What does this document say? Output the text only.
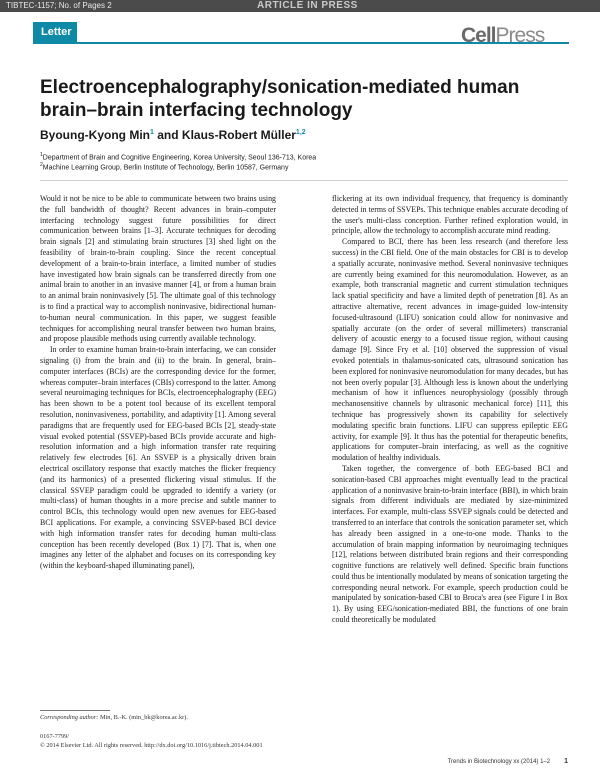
TIBTEC-1157; No. of Pages 2	ARTICLE IN PRESS
Letter	CellPress
Electroencephalography/sonication-mediated human brain–brain interfacing technology
Byoung-Kyong Min$^1$ and Klaus-Robert Müller$^{1,2}$
$^1$Department of Brain and Cognitive Engineering, Korea University, Seoul 136-713, Korea
$^2$Machine Learning Group, Berlin Institute of Technology, Berlin 10587, Germany

Would it not be nice to be able to communicate between two brains using the full bandwidth of thought? Recent advances in brain–computer interfacing technology suggest future possibilities for direct communication between brains [1–3]. Accurate techniques for decoding brain signals [2] and stimulating brain structures [3] shed light on the feasibility of brain-to-brain coupling. Since the recent conceptual development of a brain-to-brain interface, a limited number of studies have investigated how brain signals can be transferred directly from one animal brain to another in an invasive manner [4], or from a human brain to an animal brain noninvasively [5]. The ultimate goal of this technology is to find a practical way to accomplish noninvasive, bidirectional human-to-human neural communication. In this paper, we suggest feasible techniques for accomplishing neural transfer between two human brains, and propose plausible methods using currently available technology.

In order to examine human brain-to-brain interfacing, we can consider signaling (i) from the brain and (ii) to the brain. In general, brain–computer interfaces (BCIs) are the corresponding device for the former, whereas computer–brain interfaces (CBIs) correspond to the latter. Among several neuroimaging techniques for BCIs, electroencephalography (EEG) has been shown to be a potent tool because of its excellent temporal resolution, noninvasiveness, portability, and adaptivity [1]. Among several paradigms that are frequently used for EEG-based BCIs [2], steady-state visual evoked potential (SSVEP)-based BCIs provide accurate and high-resolution information and a high information transfer rate requiring relatively few electrodes [6]. An SSVEP is a physically driven brain electrical oscillatory response that exactly matches the flicker frequency (and its harmonics) of a presented flickering visual stimulus. If the classical SSVEP paradigm could be upgraded to identify a variety (or multi-class) of human thoughts in a more precise and subtle manner to control BCIs, this technology would open new avenues for EEG-based BCI applications. For example, a convincing SSVEP-based BCI device with high information transfer rates for decoding human multi-class conception has been recently developed (Box 1) [7]. That is, when one imagines any letter of the alphabet and focuses on its corresponding key (within the keyboard-shaped illuminating panel),

flickering at its own individual frequency, that frequency is dominantly detected in terms of SSVEPs. This technique enables accurate decoding of the user's multi-class conception. Further refined exploration would, in principle, allow the technology to accomplish accurate mind reading.

Compared to BCI, there has been less research (and therefore less success) in the CBI field. One of the main obstacles for CBI is to develop a spatially accurate, noninvasive method. Several noninvasive techniques are currently being examined for this neuromodulation. However, as an example, both transcranial magnetic and current stimulation techniques lack spatial specificity and have a limited depth of penetration [8]. As an attractive alternative, recent advances in image-guided low-intensity focused-ultrasound (LIFU) sonication could allow for noninvasive and spatially accurate (on the order of several millimeters) transcranial delivery of acoustic energy to a focused tissue region, without causing damage [9]. Since Fry et al. [10] observed the suppression of visual evoked potentials in thalamus-sonicated cats, ultrasound sonication has been explored for noninvasive neuromodulation for many decades, but has not been overly popular [3]. Although less is known about the underlying mechanism of how it influences neurophysiology (possibly through mechanosensitive channels by ultrasonic mechanical force) [11], this technique has progressively shown its capability for selectively modulating specific brain functions. LIFU can suppress epileptic EEG activity, for example [9]. It thus has the potential for therapeutic benefits, applications for computer–brain interfacing, as well as the cognitive modulation of healthy individuals.

Taken together, the convergence of both EEG-based BCI and sonication-based CBI approaches might eventually lead to the practical application of a noninvasive brain-to-brain interface (BBI), in which brain signals from different individuals are mediated by size-minimized interfaces. For example, multi-class SSVEP signals could be detected and transferred to an interface that controls the sonication parameter set, which has already been assigned in a one-to-one mode. Thanks to the accumulation of brain mapping information by neuroimaging techniques [12], relations between distributed brain regions and their corresponding cognitive functions are relatively well defined. Specific brain functions could thus be intentionally modulated by means of sonication targeting the corresponding neural network. For example, speech production could be manipulated by sonication-based CBI to Broca's area (see Figure I in Box 1). By using EEG/sonication-mediated BBI, the functions of one brain could theoretically be modulated

Corresponding author: Min, B.-K. (min_bk@korea.ac.kr).
0167-7799/
© 2014 Elsevier Ltd. All rights reserved. http://dx.doi.org/10.1016/j.tibtech.2014.04.001
Trends in Biotechnology xx (2014) 1–2 1
